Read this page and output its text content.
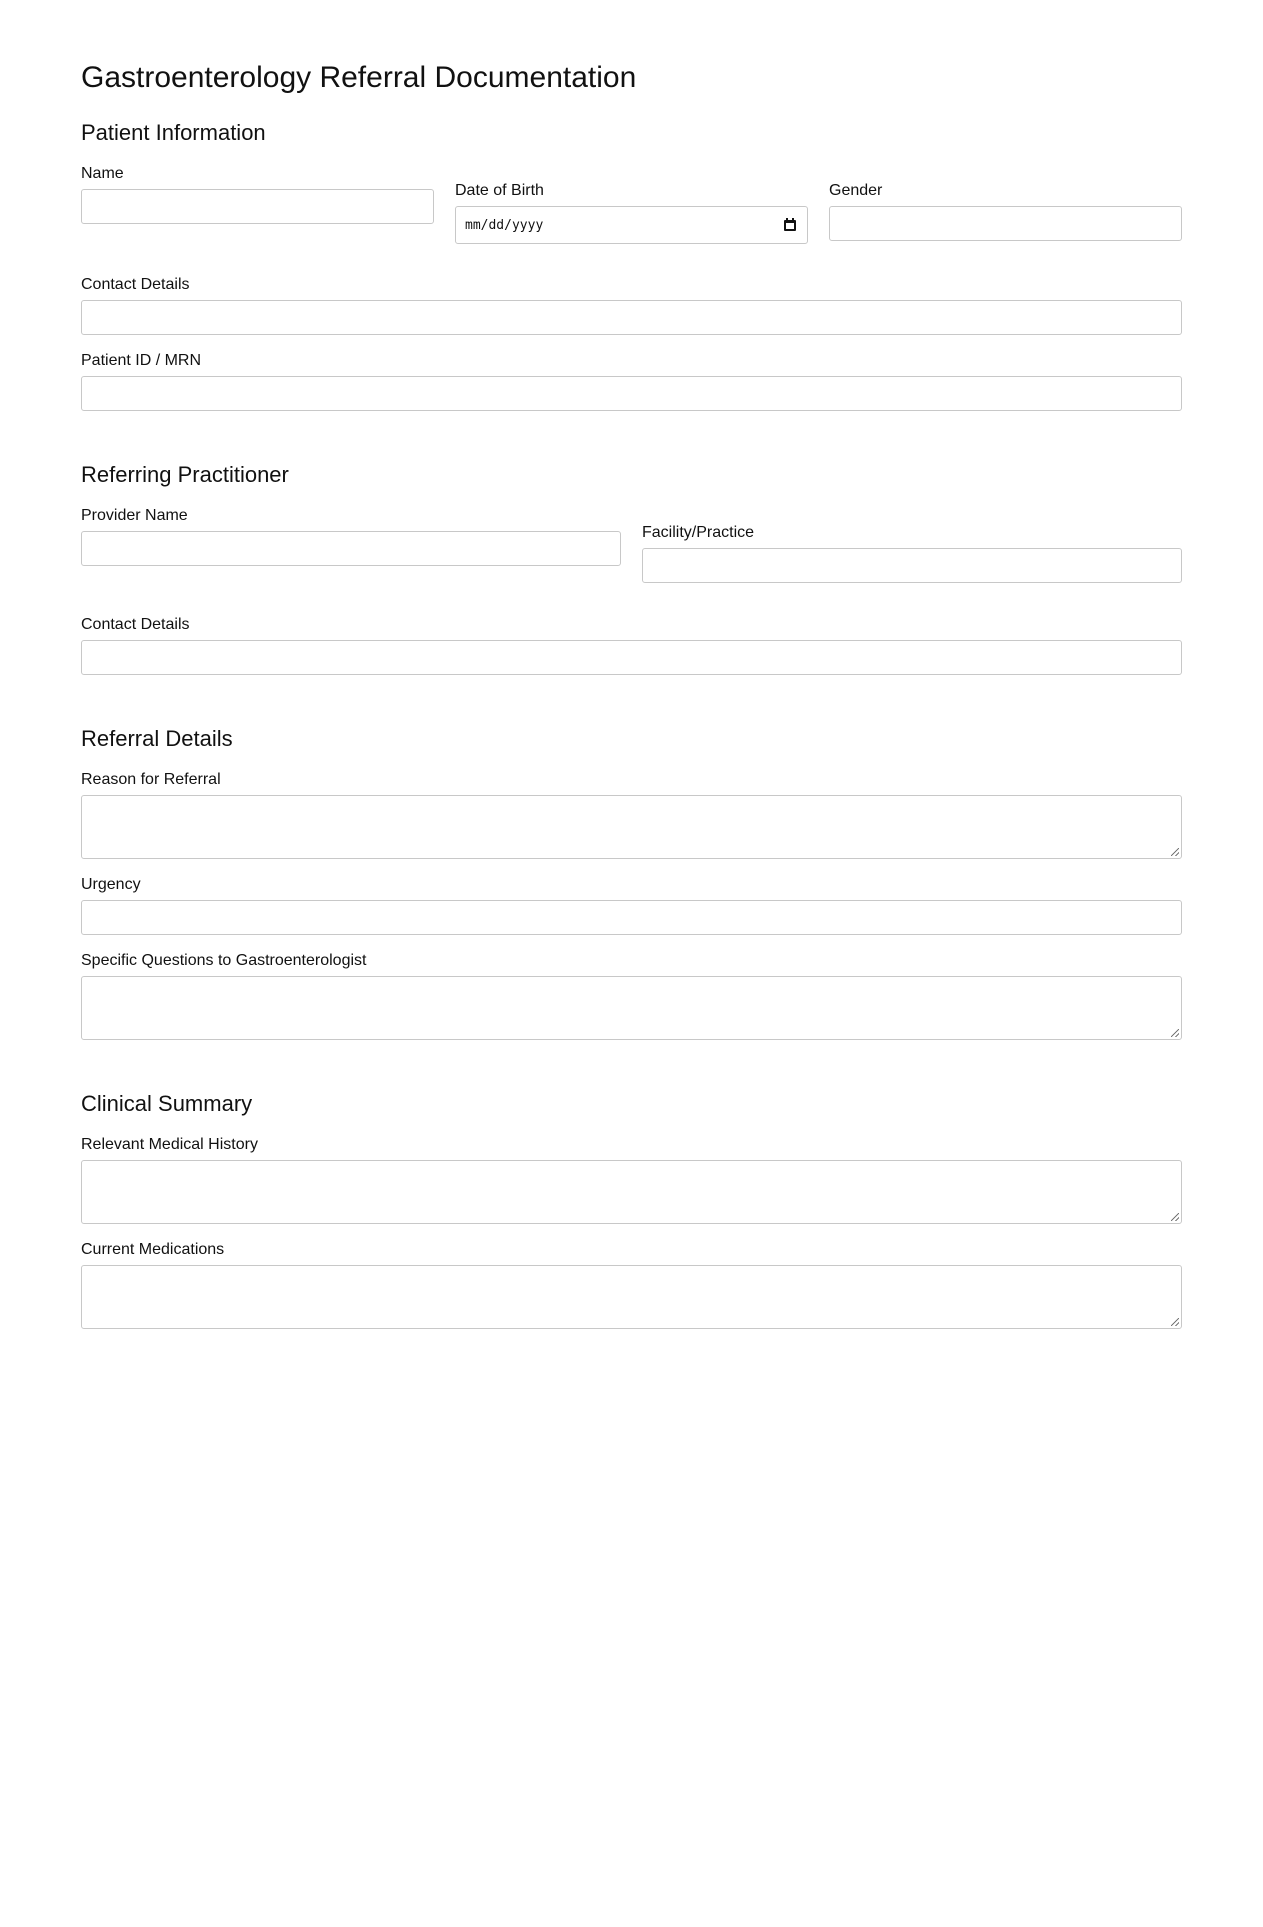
Gastroenterology Referral Documentation
Patient Information
Name
Date of Birth
mm/dd/yyyy
Gender
Contact Details
Patient ID / MRN
Referring Practitioner
Provider Name
Facility/Practice
Contact Details
Referral Details
Reason for Referral
Urgency
Specific Questions to Gastroenterologist
Clinical Summary
Relevant Medical History
Current Medications
